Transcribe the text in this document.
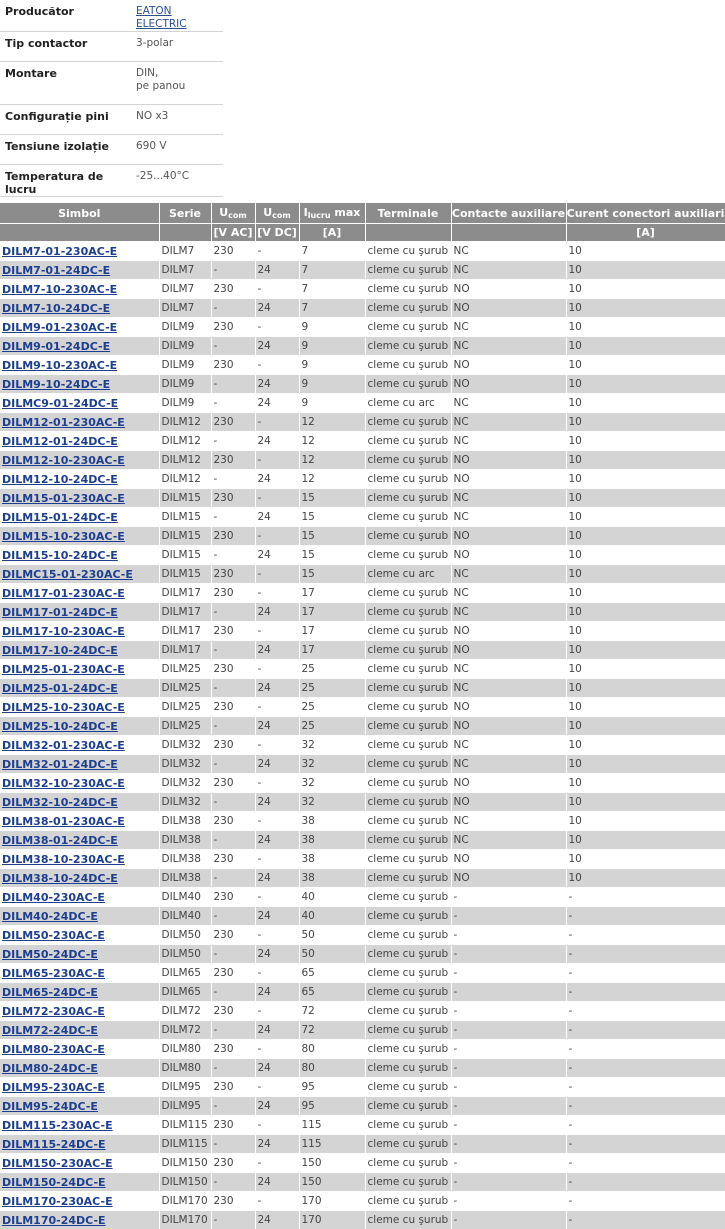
Producător	EATON ELECTRIC
Tip contactor	3-polar
Montare	DIN,
pe panou
Configurație pini	NO x3
Tensiune izolație	690 V
Temperatura de lucru	-25...40°C
Simbol	Serie	$U_{com}$	$U_{com}$	$I_{lucru}$ max	Terminale	Contacte auxiliare	Curent conectori auxiliari
		[V AC]	[V DC]	[A]			[A]
DILM7-01-230AC-E	DILM7	230	-	7	cleme cu şurub	NC	10
DILM7-01-24DC-E	DILM7	-	24	7	cleme cu şurub	NC	10
DILM7-10-230AC-E	DILM7	230	-	7	cleme cu şurub	NO	10
DILM7-10-24DC-E	DILM7	-	24	7	cleme cu şurub	NO	10
DILM9-01-230AC-E	DILM9	230	-	9	cleme cu şurub	NC	10
DILM9-01-24DC-E	DILM9	-	24	9	cleme cu şurub	NC	10
DILM9-10-230AC-E	DILM9	230	-	9	cleme cu şurub	NO	10
DILM9-10-24DC-E	DILM9	-	24	9	cleme cu şurub	NO	10
DILMC9-01-24DC-E	DILM9	-	24	9	cleme cu arc	NC	10
DILM12-01-230AC-E	DILM12	230	-	12	cleme cu şurub	NC	10
DILM12-01-24DC-E	DILM12	-	24	12	cleme cu şurub	NC	10
DILM12-10-230AC-E	DILM12	230	-	12	cleme cu şurub	NO	10
DILM12-10-24DC-E	DILM12	-	24	12	cleme cu şurub	NO	10
DILM15-01-230AC-E	DILM15	230	-	15	cleme cu şurub	NC	10
DILM15-01-24DC-E	DILM15	-	24	15	cleme cu şurub	NC	10
DILM15-10-230AC-E	DILM15	230	-	15	cleme cu şurub	NO	10
DILM15-10-24DC-E	DILM15	-	24	15	cleme cu şurub	NO	10
DILMC15-01-230AC-E	DILM15	230	-	15	cleme cu arc	NC	10
DILM17-01-230AC-E	DILM17	230	-	17	cleme cu şurub	NC	10
DILM17-01-24DC-E	DILM17	-	24	17	cleme cu şurub	NC	10
DILM17-10-230AC-E	DILM17	230	-	17	cleme cu şurub	NO	10
DILM17-10-24DC-E	DILM17	-	24	17	cleme cu şurub	NO	10
DILM25-01-230AC-E	DILM25	230	-	25	cleme cu şurub	NC	10
DILM25-01-24DC-E	DILM25	-	24	25	cleme cu şurub	NC	10
DILM25-10-230AC-E	DILM25	230	-	25	cleme cu şurub	NO	10
DILM25-10-24DC-E	DILM25	-	24	25	cleme cu şurub	NO	10
DILM32-01-230AC-E	DILM32	230	-	32	cleme cu şurub	NC	10
DILM32-01-24DC-E	DILM32	-	24	32	cleme cu şurub	NC	10
DILM32-10-230AC-E	DILM32	230	-	32	cleme cu şurub	NO	10
DILM32-10-24DC-E	DILM32	-	24	32	cleme cu şurub	NO	10
DILM38-01-230AC-E	DILM38	230	-	38	cleme cu şurub	NC	10
DILM38-01-24DC-E	DILM38	-	24	38	cleme cu şurub	NC	10
DILM38-10-230AC-E	DILM38	230	-	38	cleme cu şurub	NO	10
DILM38-10-24DC-E	DILM38	-	24	38	cleme cu şurub	NO	10
DILM40-230AC-E	DILM40	230	-	40	cleme cu şurub	-	-
DILM40-24DC-E	DILM40	-	24	40	cleme cu şurub	-	-
DILM50-230AC-E	DILM50	230	-	50	cleme cu şurub	-	-
DILM50-24DC-E	DILM50	-	24	50	cleme cu şurub	-	-
DILM65-230AC-E	DILM65	230	-	65	cleme cu şurub	-	-
DILM65-24DC-E	DILM65	-	24	65	cleme cu şurub	-	-
DILM72-230AC-E	DILM72	230	-	72	cleme cu şurub	-	-
DILM72-24DC-E	DILM72	-	24	72	cleme cu şurub	-	-
DILM80-230AC-E	DILM80	230	-	80	cleme cu şurub	-	-
DILM80-24DC-E	DILM80	-	24	80	cleme cu şurub	-	-
DILM95-230AC-E	DILM95	230	-	95	cleme cu şurub	-	-
DILM95-24DC-E	DILM95	-	24	95	cleme cu şurub	-	-
DILM115-230AC-E	DILM115	230	-	115	cleme cu şurub	-	-
DILM115-24DC-E	DILM115	-	24	115	cleme cu şurub	-	-
DILM150-230AC-E	DILM150	230	-	150	cleme cu şurub	-	-
DILM150-24DC-E	DILM150	-	24	150	cleme cu şurub	-	-
DILM170-230AC-E	DILM170	230	-	170	cleme cu şurub	-	-
DILM170-24DC-E	DILM170	-	24	170	cleme cu şurub	-	-
